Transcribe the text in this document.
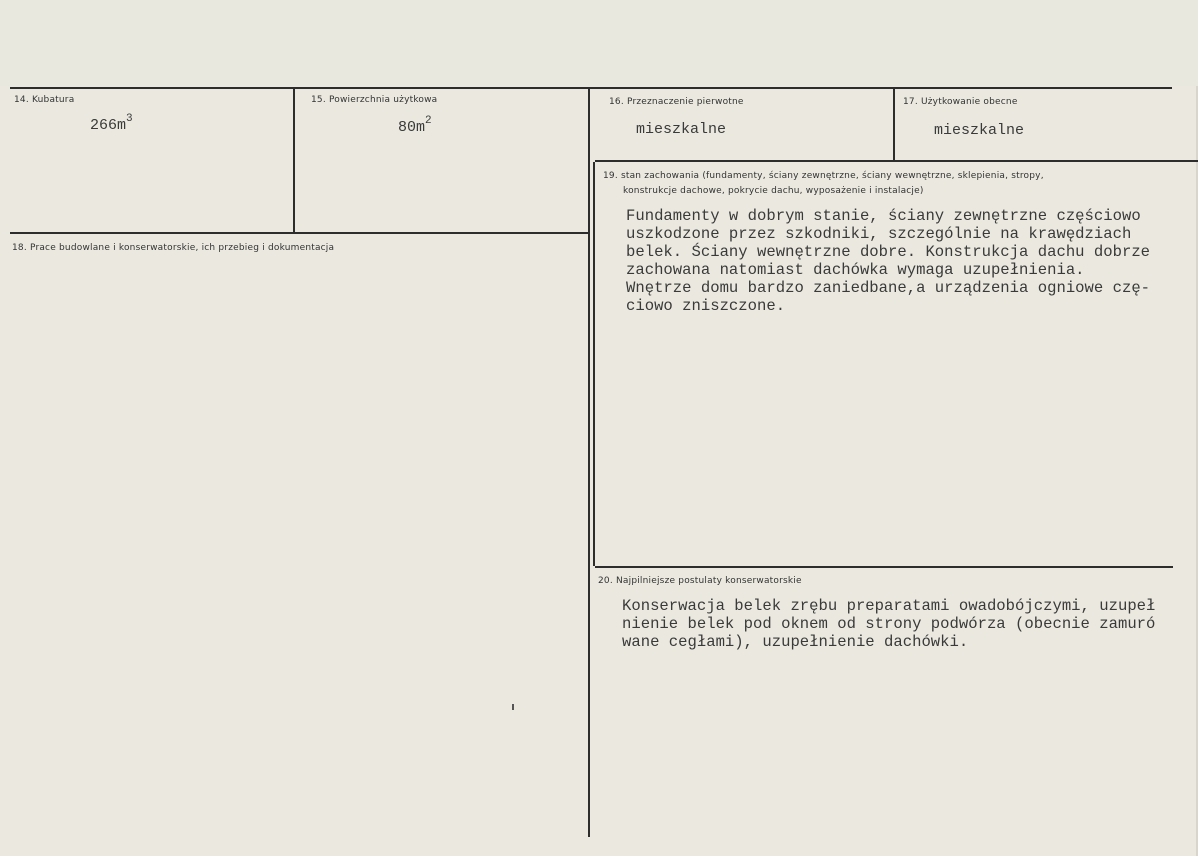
14. Kubatura
$266m^3$
15. Powierzchnia użytkowa
$80m^2$
16. Przeznaczenie pierwotne
mieszkalne
17. Użytkowanie obecne
mieszkalne
18. Prace budowlane i konserwatorskie, ich przebieg i dokumentacja
19. stan zachowania (fundamenty, ściany zewnętrzne, ściany wewnętrzne, sklepienia, stropy,
konstrukcje dachowe, pokrycie dachu, wyposażenie i instalacje)
Fundamenty w dobrym stanie, ściany zewnętrzne częściowo
uszkodzone przez szkodniki, szczególnie na krawędziach
belek. Ściany wewnętrzne dobre. Konstrukcja dachu dobrze
zachowana natomiast dachówka wymaga uzupełnienia.
Wnętrze domu bardzo zaniedbane,a urządzenia ogniowe czę-
ciowo zniszczone.
20. Najpilniejsze postulaty konserwatorskie
Konserwacja belek zrębu preparatami owadobójczymi, uzupeł
nienie belek pod oknem od strony podwórza (obecnie zamuró
wane cegłami), uzupełnienie dachówki.
